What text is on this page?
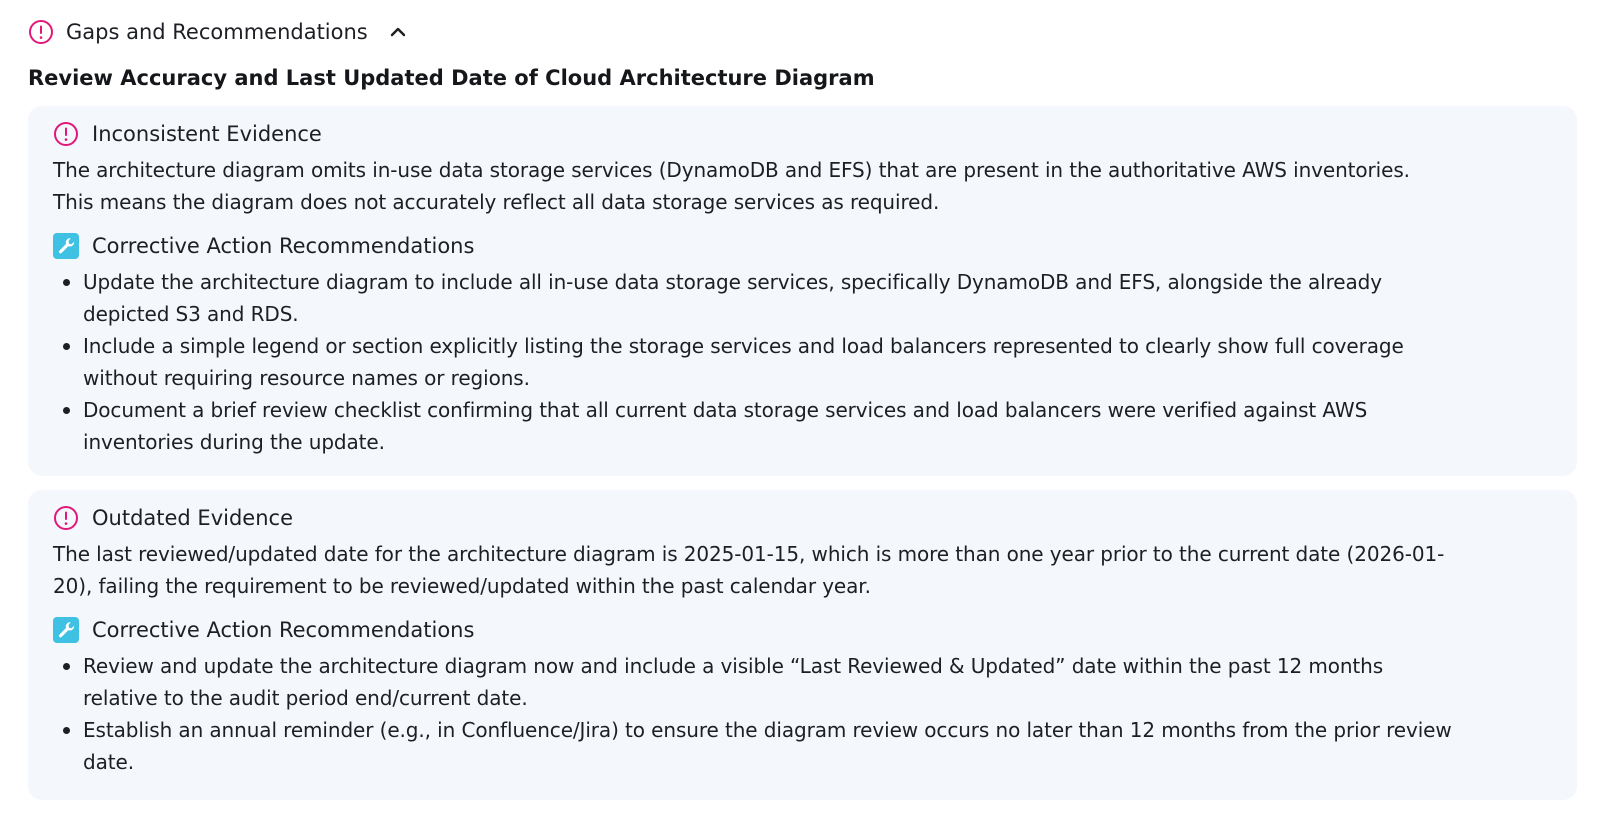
Gaps and Recommendations
Review Accuracy and Last Updated Date of Cloud Architecture Diagram
Inconsistent Evidence
The architecture diagram omits in-use data storage services (DynamoDB and EFS) that are present in the authoritative AWS inventories.
This means the diagram does not accurately reflect all data storage services as required.
Corrective Action Recommendations
Update the architecture diagram to include all in-use data storage services, specifically DynamoDB and EFS, alongside the already
depicted S3 and RDS.
Include a simple legend or section explicitly listing the storage services and load balancers represented to clearly show full coverage
without requiring resource names or regions.
Document a brief review checklist confirming that all current data storage services and load balancers were verified against AWS
inventories during the update.
Outdated Evidence
The last reviewed/updated date for the architecture diagram is 2025-01-15, which is more than one year prior to the current date (2026-01-
20), failing the requirement to be reviewed/updated within the past calendar year.
Corrective Action Recommendations
Review and update the architecture diagram now and include a visible “Last Reviewed & Updated” date within the past 12 months
relative to the audit period end/current date.
Establish an annual reminder (e.g., in Confluence/Jira) to ensure the diagram review occurs no later than 12 months from the prior review
date.
